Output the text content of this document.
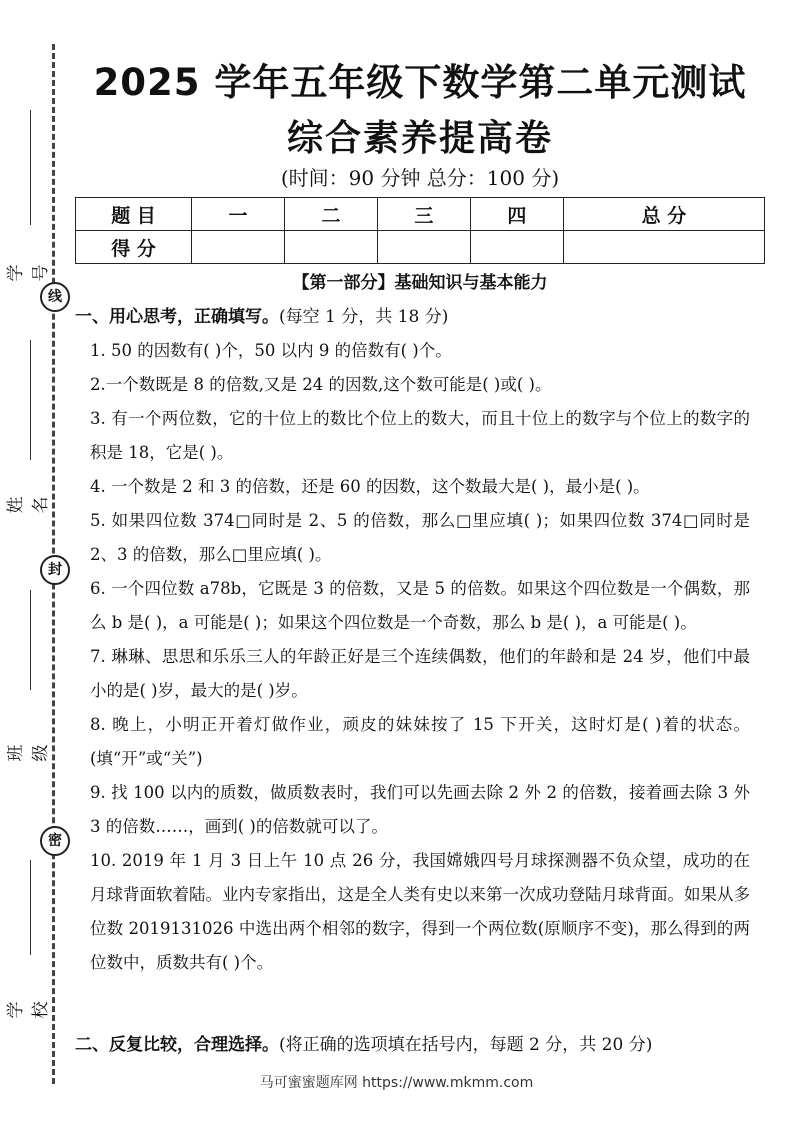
学号
线
姓名
封
班级
密
学校
2025 学年五年级下数学第二单元测试
综合素养提高卷
(时间：90 分钟 总分：100 分)
题 目	一	二	三	四	总 分
得 分					
【第一部分】基础知识与基本能力
一、用心思考，正确填写。(每空 1 分，共 18 分)

1. 50 的因数有( )个，50 以内 9 的倍数有( )个。

2.一个数既是 8 的倍数,又是 24 的因数,这个数可能是( )或( )。

3. 有一个两位数，它的十位上的数比个位上的数大，而且十位上的数字与个位上的数字的积是 18，它是( )。

4. 一个数是 2 和 3 的倍数，还是 60 的因数，这个数最大是( )，最小是( )。

5. 如果四位数 374□同时是 2、5 的倍数，那么□里应填( )；如果四位数 374□同时是 2、3 的倍数，那么□里应填( )。

6. 一个四位数 a78b，它既是 3 的倍数，又是 5 的倍数。如果这个四位数是一个偶数，那么 b 是( )，a 可能是( )；如果这个四位数是一个奇数，那么 b 是( )，a 可能是( )。

7. 琳琳、思思和乐乐三人的年龄正好是三个连续偶数，他们的年龄和是 24 岁，他们中最小的是( )岁，最大的是( )岁。

8. 晚上，小明正开着灯做作业，顽皮的妹妹按了 15 下开关，这时灯是( )着的状态。(填“开”或“关”)

9. 找 100 以内的质数，做质数表时，我们可以先画去除 2 外 2 的倍数，接着画去除 3 外 3 的倍数……，画到( )的倍数就可以了。

10. 2019 年 1 月 3 日上午 10 点 26 分，我国嫦娥四号月球探测器不负众望，成功的在月球背面软着陆。业内专家指出，这是全人类有史以来第一次成功登陆月球背面。如果从多位数 2019131026 中选出两个相邻的数字，得到一个两位数(原顺序不变)，那么得到的两位数中，质数共有( )个。

二、反复比较，合理选择。(将正确的选项填在括号内，每题 2 分，共 20 分)
马可蜜蜜题库网 https://www.mkmm.com
